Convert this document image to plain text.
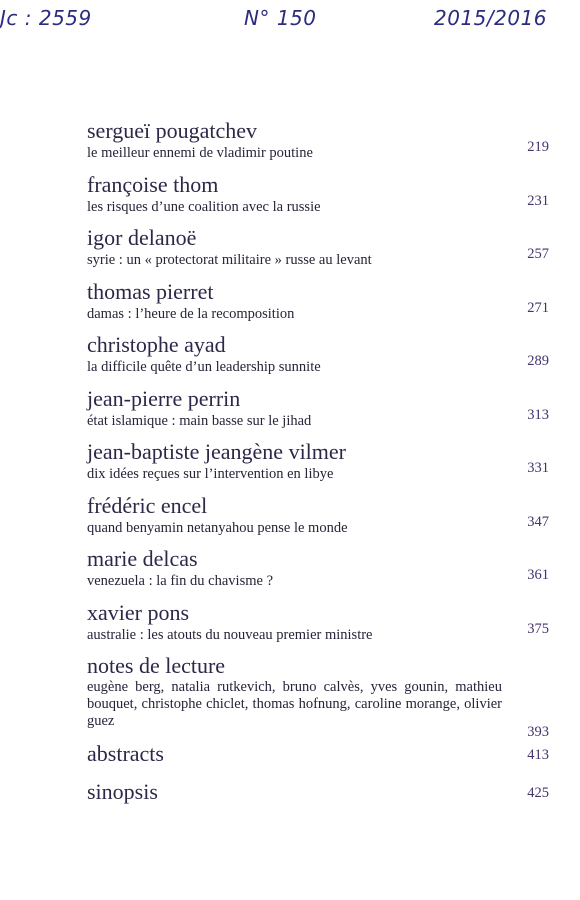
Jc : 2559	N° 150	2015/2016
sergueï pougatchev
le meilleur ennemi de vladimir poutine	219
françoise thom
les risques d’une coalition avec la russie	231
igor delanoë
syrie : un « protectorat militaire » russe au levant	257
thomas pierret
damas : l’heure de la recomposition	271
christophe ayad
la difficile quête d’un leadership sunnite	289
jean-pierre perrin
état islamique : main basse sur le jihad	313
jean-baptiste jeangène vilmer
dix idées reçues sur l’intervention en libye	331
frédéric encel
quand benyamin netanyahou pense le monde	347
marie delcas
venezuela : la fin du chavisme ?	361
xavier pons
australie : les atouts du nouveau premier ministre	375
notes de lecture
eugène berg, natalia rutkevich, bruno calvès, yves gounin, mathieu bouquet, christophe chiclet, thomas hofnung, caroline morange, olivier guez
393
abstracts	413
sinopsis	425
